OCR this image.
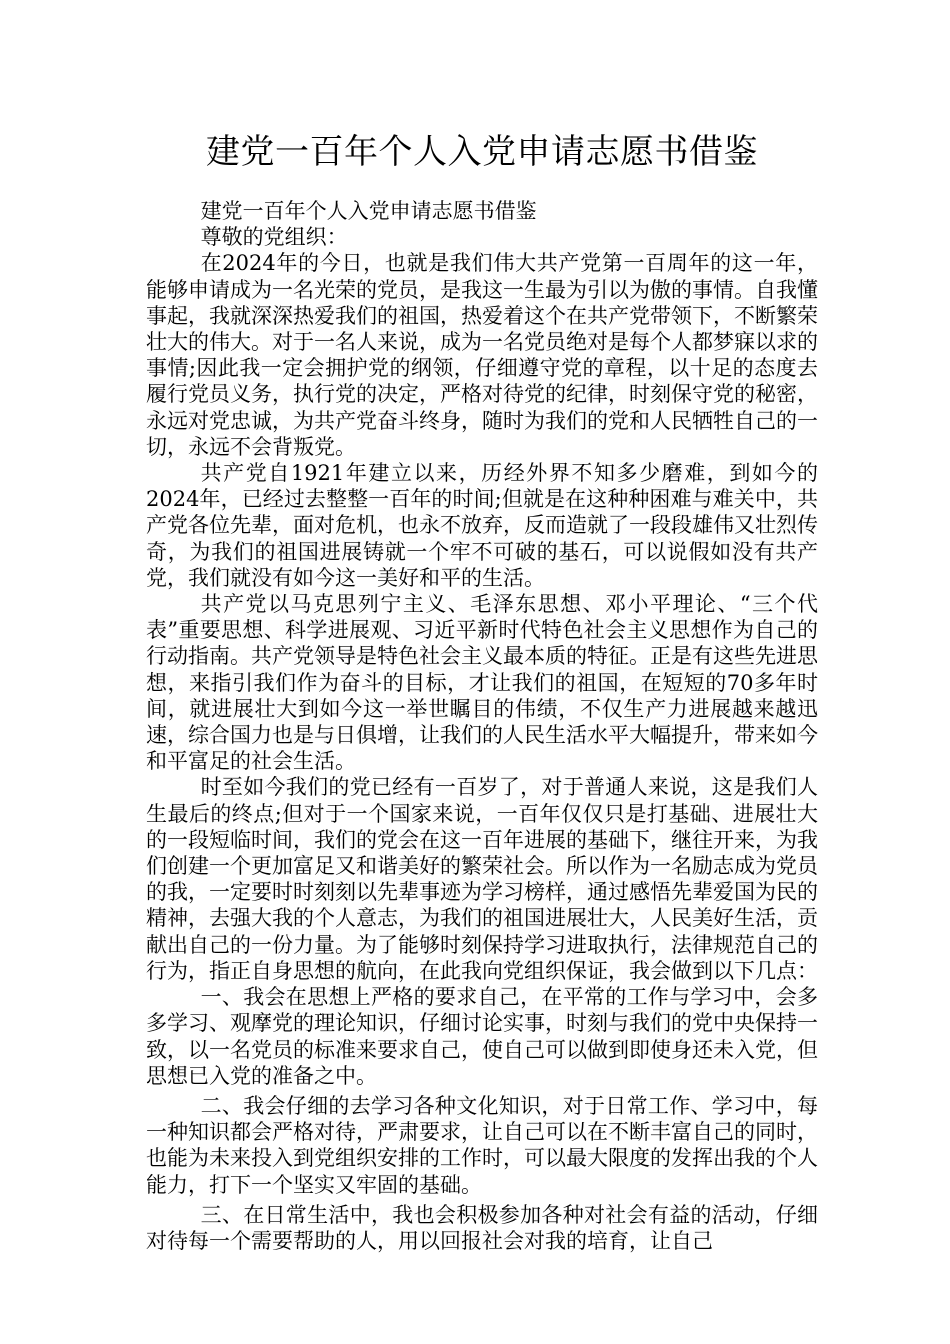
建党一百年个人入党申请志愿书借鉴

建党一百年个人入党申请志愿书借鉴

尊敬的党组织：

在2024年的今日，也就是我们伟大共产党第一百周年的这一年，能够申请成为一名光荣的党员，是我这一生最为引以为傲的事情。自我懂事起，我就深深热爱我们的祖国，热爱着这个在共产党带领下，不断繁荣壮大的伟大。对于一名人来说，成为一名党员绝对是每个人都梦寐以求的事情;因此我一定会拥护党的纲领，仔细遵守党的章程，以十足的态度去履行党员义务，执行党的决定，严格对待党的纪律，时刻保守党的秘密，永远对党忠诚，为共产党奋斗终身，随时为我们的党和人民牺牲自己的一切，永远不会背叛党。

共产党自1921年建立以来，历经外界不知多少磨难，到如今的2024年，已经过去整整一百年的时间;但就是在这种种困难与难关中，共产党各位先辈，面对危机，也永不放弃，反而造就了一段段雄伟又壮烈传奇，为我们的祖国进展铸就一个牢不可破的基石，可以说假如没有共产党，我们就没有如今这一美好和平的生活。

共产党以马克思列宁主义、毛泽东思想、邓小平理论、“三个代表”重要思想、科学进展观、习近平新时代特色社会主义思想作为自己的行动指南。共产党领导是特色社会主义最本质的特征。正是有这些先进思想，来指引我们作为奋斗的目标，才让我们的祖国，在短短的70多年时间，就进展壮大到如今这一举世瞩目的伟绩，不仅生产力进展越来越迅速，综合国力也是与日俱增，让我们的人民生活水平大幅提升，带来如今和平富足的社会生活。

时至如今我们的党已经有一百岁了，对于普通人来说，这是我们人生最后的终点;但对于一个国家来说，一百年仅仅只是打基础、进展壮大的一段短临时间，我们的党会在这一百年进展的基础下，继往开来，为我们创建一个更加富足又和谐美好的繁荣社会。所以作为一名励志成为党员的我，一定要时时刻刻以先辈事迹为学习榜样，通过感悟先辈爱国为民的精神，去强大我的个人意志，为我们的祖国进展壮大，人民美好生活，贡献出自己的一份力量。为了能够时刻保持学习进取执行，法律规范自己的行为，指正自身思想的航向，在此我向党组织保证，我会做到以下几点：

一、我会在思想上严格的要求自己，在平常的工作与学习中，会多多学习、观摩党的理论知识，仔细讨论实事，时刻与我们的党中央保持一致，以一名党员的标准来要求自己，使自己可以做到即使身还未入党，但思想已入党的准备之中。

二、我会仔细的去学习各种文化知识，对于日常工作、学习中，每一种知识都会严格对待，严肃要求，让自己可以在不断丰富自己的同时，也能为未来投入到党组织安排的工作时，可以最大限度的发挥出我的个人能力，打下一个坚实又牢固的基础。

三、在日常生活中，我也会积极参加各种对社会有益的活动，仔细对待每一个需要帮助的人，用以回报社会对我的培育，让自己
